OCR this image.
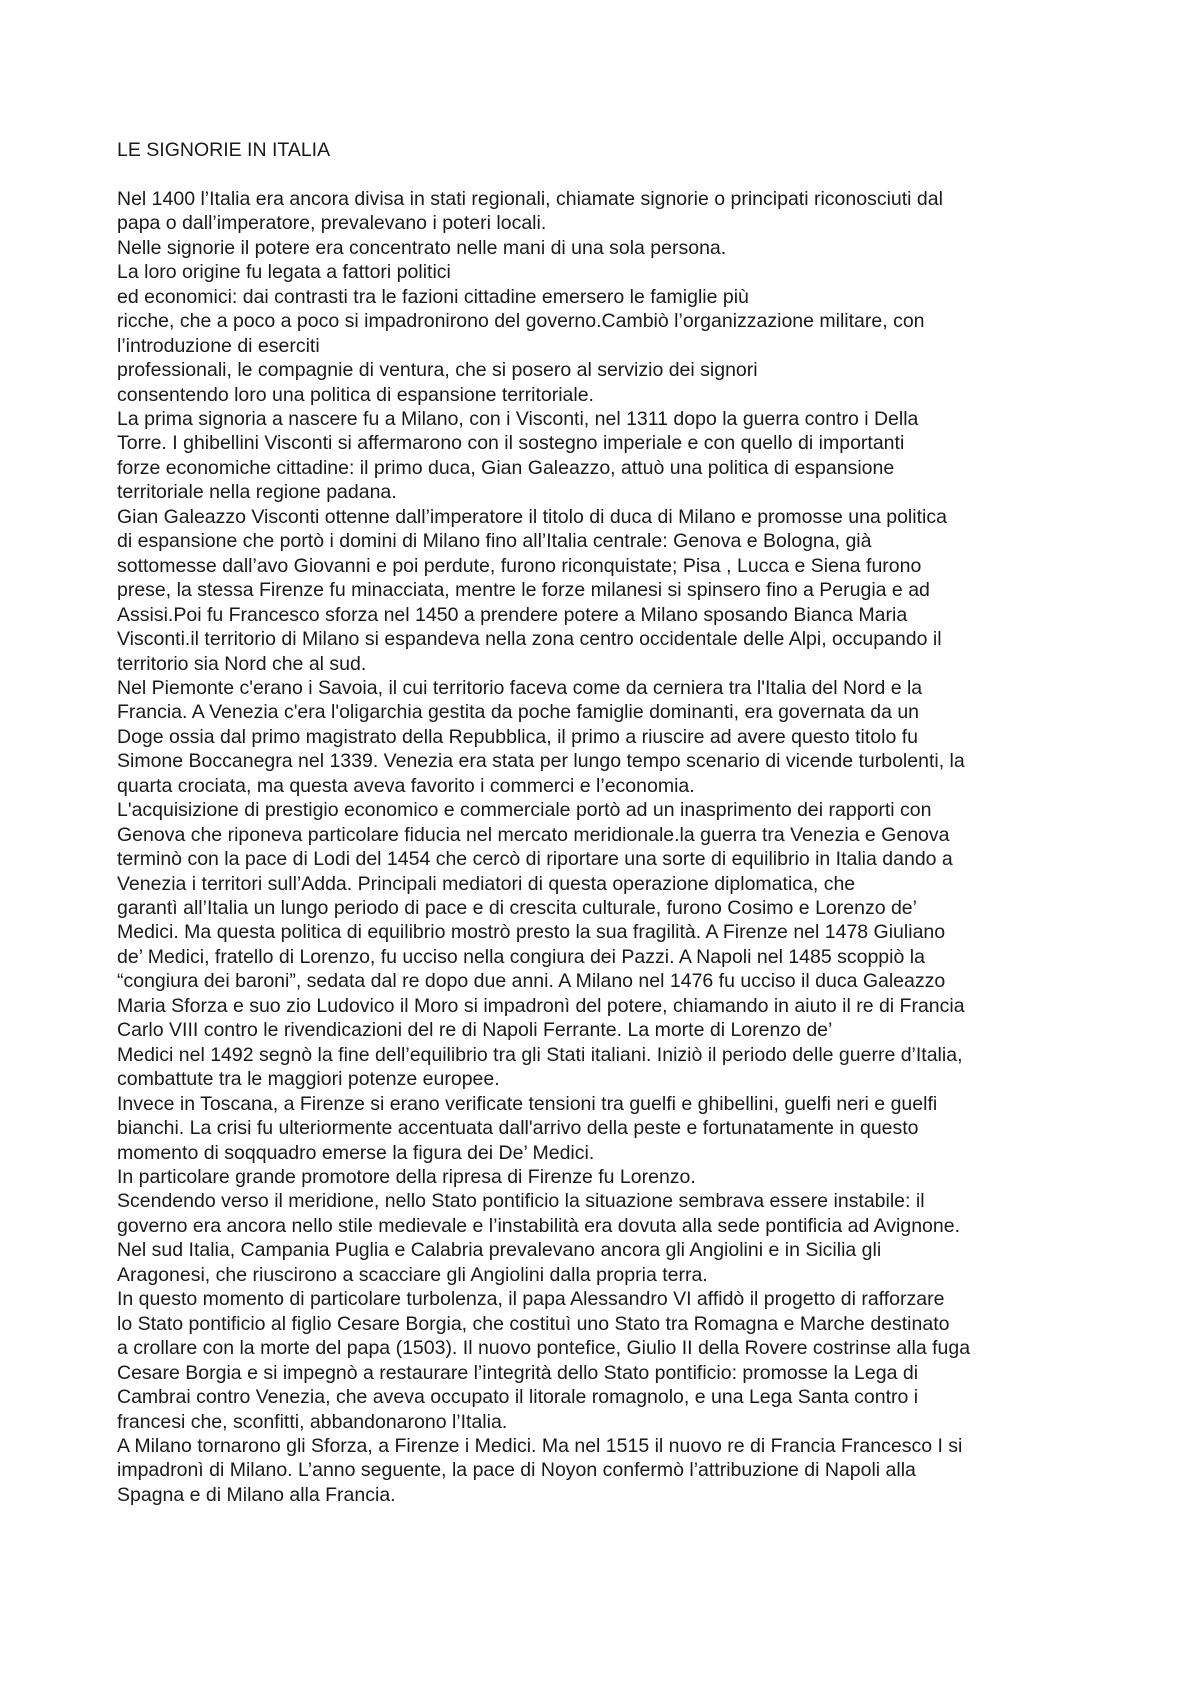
LE SIGNORIE IN ITALIA
Nel 1400 l’Italia era ancora divisa in stati regionali, chiamate signorie o principati riconosciuti dal
papa o dall’imperatore, prevalevano i poteri locali.
Nelle signorie il potere era concentrato nelle mani di una sola persona.
La loro origine fu legata a fattori politici
ed economici: dai contrasti tra le fazioni cittadine emersero le famiglie più
ricche, che a poco a poco si impadronirono del governo.Cambiò l’organizzazione militare, con
l’introduzione di eserciti
professionali, le compagnie di ventura, che si posero al servizio dei signori
consentendo loro una politica di espansione territoriale.
La prima signoria a nascere fu a Milano, con i Visconti, nel 1311 dopo la guerra contro i Della
Torre. I ghibellini Visconti si affermarono con il sostegno imperiale e con quello di importanti
forze economiche cittadine: il primo duca, Gian Galeazzo, attuò una politica di espansione
territoriale nella regione padana.
Gian Galeazzo Visconti ottenne dall’imperatore il titolo di duca di Milano e promosse una politica
di espansione che portò i domini di Milano fino all’Italia centrale: Genova e Bologna, già
sottomesse dall’avo Giovanni e poi perdute, furono riconquistate; Pisa , Lucca e Siena furono
prese, la stessa Firenze fu minacciata, mentre le forze milanesi si spinsero fino a Perugia e ad
Assisi.Poi fu Francesco sforza nel 1450 a prendere potere a Milano sposando Bianca Maria
Visconti.il territorio di Milano si espandeva nella zona centro occidentale delle Alpi, occupando il
territorio sia Nord che al sud.
Nel Piemonte c'erano i Savoia, il cui territorio faceva come da cerniera tra l'Italia del Nord e la
Francia. A Venezia c'era l'oligarchia gestita da poche famiglie dominanti, era governata da un
Doge ossia dal primo magistrato della Repubblica, il primo a riuscire ad avere questo titolo fu
Simone Boccanegra nel 1339. Venezia era stata per lungo tempo scenario di vicende turbolenti, la
quarta crociata, ma questa aveva favorito i commerci e l’economia.
L'acquisizione di prestigio economico e commerciale portò ad un inasprimento dei rapporti con
Genova che riponeva particolare fiducia nel mercato meridionale.la guerra tra Venezia e Genova
terminò con la pace di Lodi del 1454 che cercò di riportare una sorte di equilibrio in Italia dando a
Venezia i territori sull’Adda. Principali mediatori di questa operazione diplomatica, che
garantì all’Italia un lungo periodo di pace e di crescita culturale, furono Cosimo e Lorenzo de’
Medici. Ma questa politica di equilibrio mostrò presto la sua fragilità. A Firenze nel 1478 Giuliano
de’ Medici, fratello di Lorenzo, fu ucciso nella congiura dei Pazzi. A Napoli nel 1485 scoppiò la
“congiura dei baroni”, sedata dal re dopo due anni. A Milano nel 1476 fu ucciso il duca Galeazzo
Maria Sforza e suo zio Ludovico il Moro si impadronì del potere, chiamando in aiuto il re di Francia
Carlo VIII contro le rivendicazioni del re di Napoli Ferrante. La morte di Lorenzo de’
Medici nel 1492 segnò la fine dell’equilibrio tra gli Stati italiani. Iniziò il periodo delle guerre d’Italia,
combattute tra le maggiori potenze europee.
Invece in Toscana, a Firenze si erano verificate tensioni tra guelfi e ghibellini, guelfi neri e guelfi
bianchi. La crisi fu ulteriormente accentuata dall'arrivo della peste e fortunatamente in questo
momento di soqquadro emerse la figura dei De’ Medici.
In particolare grande promotore della ripresa di Firenze fu Lorenzo.
Scendendo verso il meridione, nello Stato pontificio la situazione sembrava essere instabile: il
governo era ancora nello stile medievale e l’instabilità era dovuta alla sede pontificia ad Avignone.
Nel sud Italia, Campania Puglia e Calabria prevalevano ancora gli Angiolini e in Sicilia gli
Aragonesi, che riuscirono a scacciare gli Angiolini dalla propria terra.
In questo momento di particolare turbolenza, il papa Alessandro VI affidò il progetto di rafforzare
lo Stato pontificio al figlio Cesare Borgia, che costituì uno Stato tra Romagna e Marche destinato
a crollare con la morte del papa (1503). Il nuovo pontefice, Giulio II della Rovere costrinse alla fuga
Cesare Borgia e si impegnò a restaurare l’integrità dello Stato pontificio: promosse la Lega di
Cambrai contro Venezia, che aveva occupato il litorale romagnolo, e una Lega Santa contro i
francesi che, sconfitti, abbandonarono l’Italia.
A Milano tornarono gli Sforza, a Firenze i Medici. Ma nel 1515 il nuovo re di Francia Francesco I si
impadronì di Milano. L’anno seguente, la pace di Noyon confermò l’attribuzione di Napoli alla
Spagna e di Milano alla Francia.
